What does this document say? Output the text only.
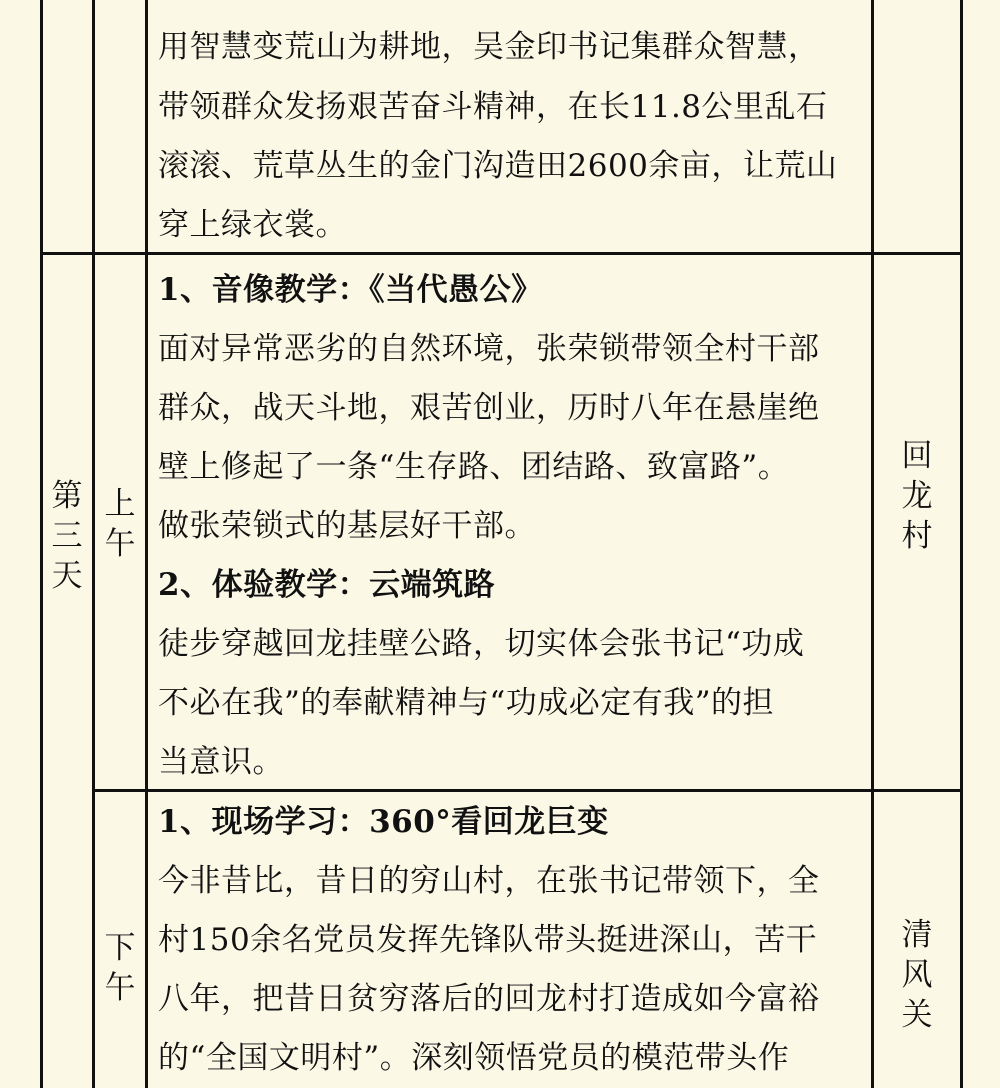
用智慧变荒山为耕地，吴金印书记集群众智慧，
带领群众发扬艰苦奋斗精神，在长11.8公里乱石
滚滚、荒草丛生的金门沟造田2600余亩，让荒山
穿上绿衣裳。
第
三
天
上
午
回
龙
村
1、音像教学：《当代愚公》
面对异常恶劣的自然环境，张荣锁带领全村干部
群众，战天斗地，艰苦创业，历时八年在悬崖绝
壁上修起了一条“生存路、团结路、致富路”。
做张荣锁式的基层好干部。
2、体验教学：云端筑路
徒步穿越回龙挂壁公路，切实体会张书记“功成
不必在我”的奉献精神与“功成必定有我”的担
当意识。
下
午
清
风
关
1、现场学习：360°看回龙巨变
今非昔比，昔日的穷山村，在张书记带领下，全
村150余名党员发挥先锋队带头挺进深山，苦干
八年，把昔日贫穷落后的回龙村打造成如今富裕
的“全国文明村”。深刻领悟党员的模范带头作
